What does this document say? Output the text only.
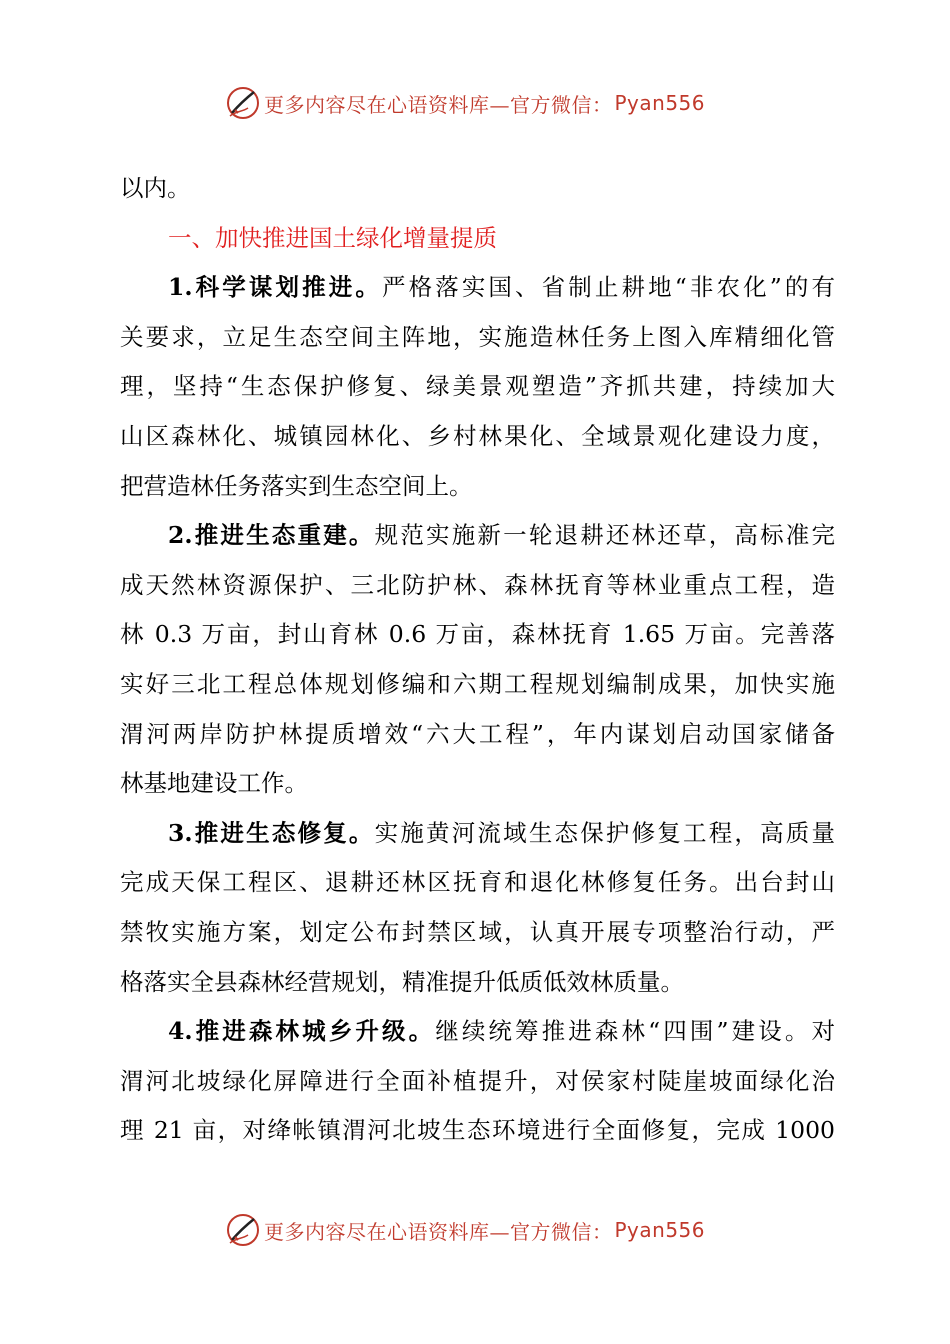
更多内容尽在心语资料库—官方微信： Pyan556
以内。
一、加快推进国土绿化增量提质
1.科学谋划推进。严格落实国、省制止耕地“非农化”的有
关要求，立足生态空间主阵地，实施造林任务上图入库精细化管
理，坚持“生态保护修复、绿美景观塑造”齐抓共建，持续加大
山区森林化、城镇园林化、乡村林果化、全域景观化建设力度，
把营造林任务落实到生态空间上。
2.推进生态重建。规范实施新一轮退耕还林还草，高标准完
成天然林资源保护、三北防护林、森林抚育等林业重点工程，造
林 0.3 万亩，封山育林 0.6 万亩，森林抚育 1.65 万亩。完善落
实好三北工程总体规划修编和六期工程规划编制成果，加快实施
渭河两岸防护林提质增效“六大工程”，年内谋划启动国家储备
林基地建设工作。
3.推进生态修复。实施黄河流域生态保护修复工程，高质量
完成天保工程区、退耕还林区抚育和退化林修复任务。出台封山
禁牧实施方案，划定公布封禁区域，认真开展专项整治行动，严
格落实全县森林经营规划，精准提升低质低效林质量。
4.推进森林城乡升级。继续统筹推进森林“四围”建设。对
渭河北坡绿化屏障进行全面补植提升，对侯家村陡崖坡面绿化治
理 21 亩，对绛帐镇渭河北坡生态环境进行全面修复，完成 1000
更多内容尽在心语资料库—官方微信： Pyan556
